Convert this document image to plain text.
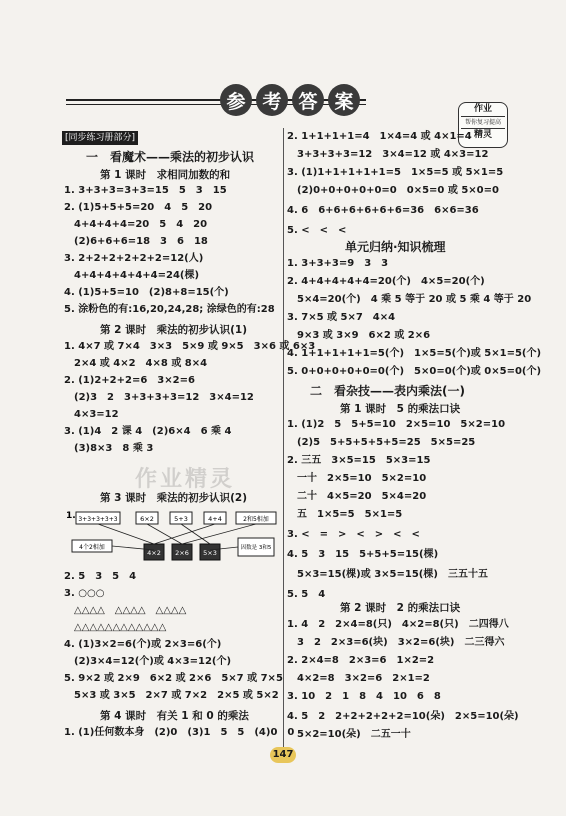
参 考 答 案	作业
帮你复习提高
精灵
[同步练习册部分]
一　看魔术——乘法的初步认识
第 1 课时　求相同加数的和
1. 3+3+3=3+3=15　5　3　15
2. (1)5+5+5=20　4　5　20
　4+4+4+4=20　5　4　20
　(2)6+6+6=18　3　6　18
3. 2+2+2+2+2+2=12(人)
　4+4+4+4+4+4=24(棵)
4. (1)5+5=10　(2)8+8=15(个)
5. 涂粉色的有:16,20,24,28; 涂绿色的有:28
第 2 课时　乘法的初步认识(1)
1. 4×7 或 7×4　3×3　5×9 或 9×5　3×6 或 6×3
　2×4 或 4×2　4×8 或 8×4
2. (1)2+2+2=6　3×2=6
　(2)3　2　3+3+3+3=12　3×4=12
　4×3=12
3. (1)4　2 课 4　(2)6×4　6 乘 4
　(3)8×3　8 乘 3
第 3 课时　乘法的初步认识(2)
1. 3+3+3+3+3	6×2	5+3	4+4	2和5相加
4个2相加
4×2 2×6 5×3
因数是 3和5
2. 5　3　5　4
3. ○○○
　△△△△　△△△△　△△△△
　△△△△△△△△△△△△
4. (1)3×2=6(个)或 2×3=6(个)
　(2)3×4=12(个)或 4×3=12(个)
5. 9×2 或 2×9　6×2 或 2×6　5×7 或 7×5
　5×3 或 3×5　2×7 或 7×2　2×5 或 5×2
第 4 课时　有关 1 和 0 的乘法
1. (1)任何数本身　(2)0　(3)1　5　5　(4)0　0
2. 1+1+1+1=4　1×4=4 或 4×1=4
　3+3+3+3=12　3×4=12 或 4×3=12
3. (1)1+1+1+1+1=5　1×5=5 或 5×1=5
　(2)0+0+0+0+0=0　0×5=0 或 5×0=0
4. 6　6+6+6+6+6+6=36　6×6=36
5. <　<　<
单元归纳·知识梳理
1. 3+3+3=9　3　3
2. 4+4+4+4+4=20(个)　4×5=20(个)
　5×4=20(个)　4 乘 5 等于 20 或 5 乘 4 等于 20
3. 7×5 或 5×7　4×4
　9×3 或 3×9　6×2 或 2×6
4. 1+1+1+1+1=5(个)　1×5=5(个)或 5×1=5(个)
5. 0+0+0+0+0=0(个)　5×0=0(个)或 0×5=0(个)
二　看杂技——表内乘法(一)
第 1 课时　5 的乘法口诀
1. (1)2　5　5+5=10　2×5=10　5×2=10
　(2)5　5+5+5+5+5=25　5×5=25
2. 三五　3×5=15　5×3=15
　一十　2×5=10　5×2=10
　二十　4×5=20　5×4=20
　五　1×5=5　5×1=5
3. <　=　>　<　>　<　<
4. 5　3　15　5+5+5=15(棵)
　5×3=15(棵)或 3×5=15(棵)　三五十五
5. 5　4
第 2 课时　2 的乘法口诀
1. 4　2　2×4=8(只)　4×2=8(只)　二四得八
　3　2　2×3=6(块)　3×2=6(块)　二三得六
2. 2×4=8　2×3=6　1×2=2
　4×2=8　3×2=6　2×1=2
3. 10　2　1　8　4　10　6　8
4. 5　2　2+2+2+2+2=10(朵)　2×5=10(朵)
　5×2=10(朵)　二五一十
作业精灵
147
